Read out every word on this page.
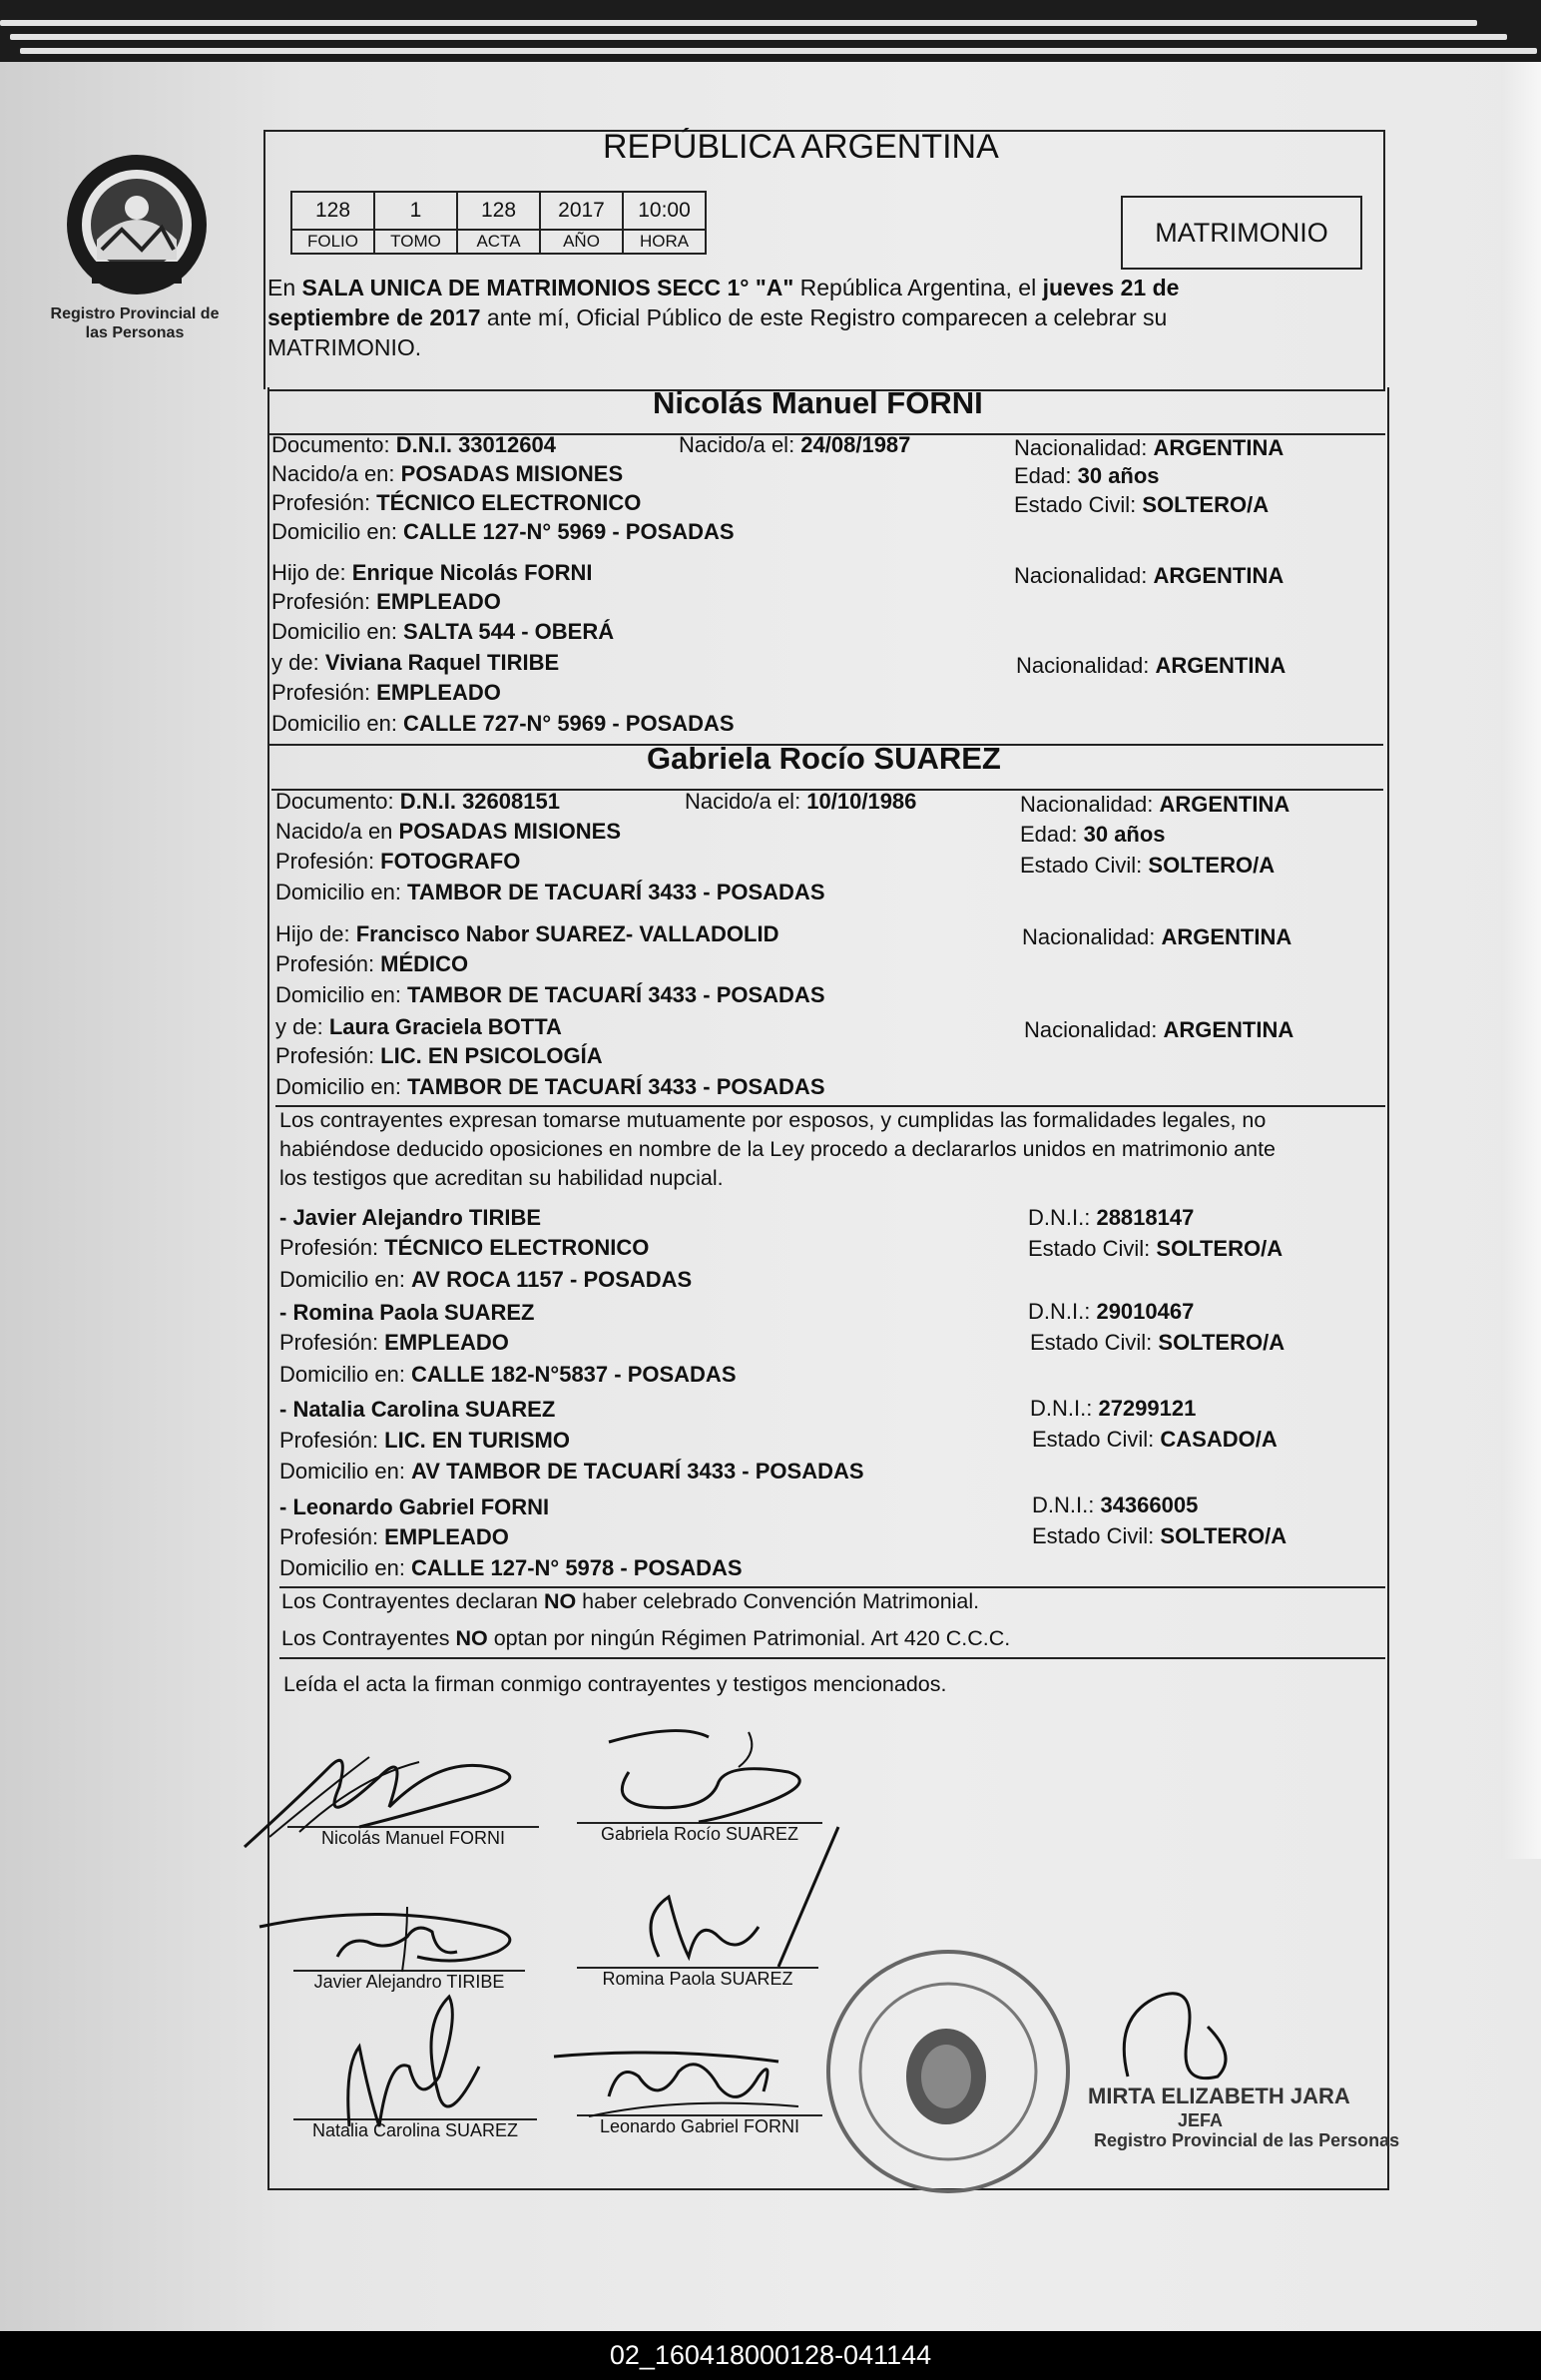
Registro Provincial de las Personas
REPÚBLICA ARGENTINA
128	1	128	2017	10:00
FOLIO	TOMO	ACTA	AÑO	HORA	MATRIMONIO
En SALA UNICA DE MATRIMONIOS SECC 1° "A" República Argentina, el jueves 21 de
septiembre de 2017 ante mí, Oficial Público de este Registro comparecen a celebrar su
MATRIMONIO.
Nicolás Manuel FORNI
Documento: D.N.I. 33012604	Nacido/a el: 24/08/1987	Nacionalidad: ARGENTINA
Nacido/a en: POSADAS MISIONES	Edad: 30 años
Profesión: TÉCNICO ELECTRONICO	Estado Civil: SOLTERO/A
Domicilio en: CALLE 127-N° 5969 - POSADAS
Hijo de: Enrique Nicolás FORNI	Nacionalidad: ARGENTINA
Profesión: EMPLEADO
Domicilio en: SALTA 544 - OBERÁ
y de: Viviana Raquel TIRIBE	Nacionalidad: ARGENTINA
Profesión: EMPLEADO
Domicilio en: CALLE 727-N° 5969 - POSADAS
Gabriela Rocío SUAREZ
Documento: D.N.I. 32608151	Nacido/a el: 10/10/1986	Nacionalidad: ARGENTINA
Nacido/a en POSADAS MISIONES	Edad: 30 años
Profesión: FOTOGRAFO	Estado Civil: SOLTERO/A
Domicilio en: TAMBOR DE TACUARÍ 3433 - POSADAS
Hijo de: Francisco Nabor SUAREZ- VALLADOLID	Nacionalidad: ARGENTINA
Profesión: MÉDICO
Domicilio en: TAMBOR DE TACUARÍ 3433 - POSADAS
y de: Laura Graciela BOTTA	Nacionalidad: ARGENTINA
Profesión: LIC. EN PSICOLOGÍA
Domicilio en: TAMBOR DE TACUARÍ 3433 - POSADAS
Los contrayentes expresan tomarse mutuamente por esposos, y cumplidas las formalidades legales, no
habiéndose deducido oposiciones en nombre de la Ley procedo a declararlos unidos en matrimonio ante
los testigos que acreditan su habilidad nupcial.
- Javier Alejandro TIRIBE	D.N.I.: 28818147
Profesión: TÉCNICO ELECTRONICO	Estado Civil: SOLTERO/A
Domicilio en: AV ROCA 1157 - POSADAS
- Romina Paola SUAREZ	D.N.I.: 29010467
Profesión: EMPLEADO	Estado Civil: SOLTERO/A
Domicilio en: CALLE 182-N°5837 - POSADAS
- Natalia Carolina SUAREZ	D.N.I.: 27299121
Profesión: LIC. EN TURISMO	Estado Civil: CASADO/A
Domicilio en: AV TAMBOR DE TACUARÍ 3433 - POSADAS
- Leonardo Gabriel FORNI	D.N.I.: 34366005
Profesión: EMPLEADO	Estado Civil: SOLTERO/A
Domicilio en: CALLE 127-N° 5978 - POSADAS
Los Contrayentes declaran NO haber celebrado Convención Matrimonial.
Los Contrayentes NO optan por ningún Régimen Patrimonial. Art 420 C.C.C.
Leída el acta la firman conmigo contrayentes y testigos mencionados.
Nicolás Manuel FORNI	Gabriela Rocío SUAREZ
Javier Alejandro TIRIBE	Romina Paola SUAREZ
Natalia Carolina SUAREZ	Leonardo Gabriel FORNI
MIRTA ELIZABETH JARA
JEFA
Registro Provincial de las Personas
02_160418000128-041144
